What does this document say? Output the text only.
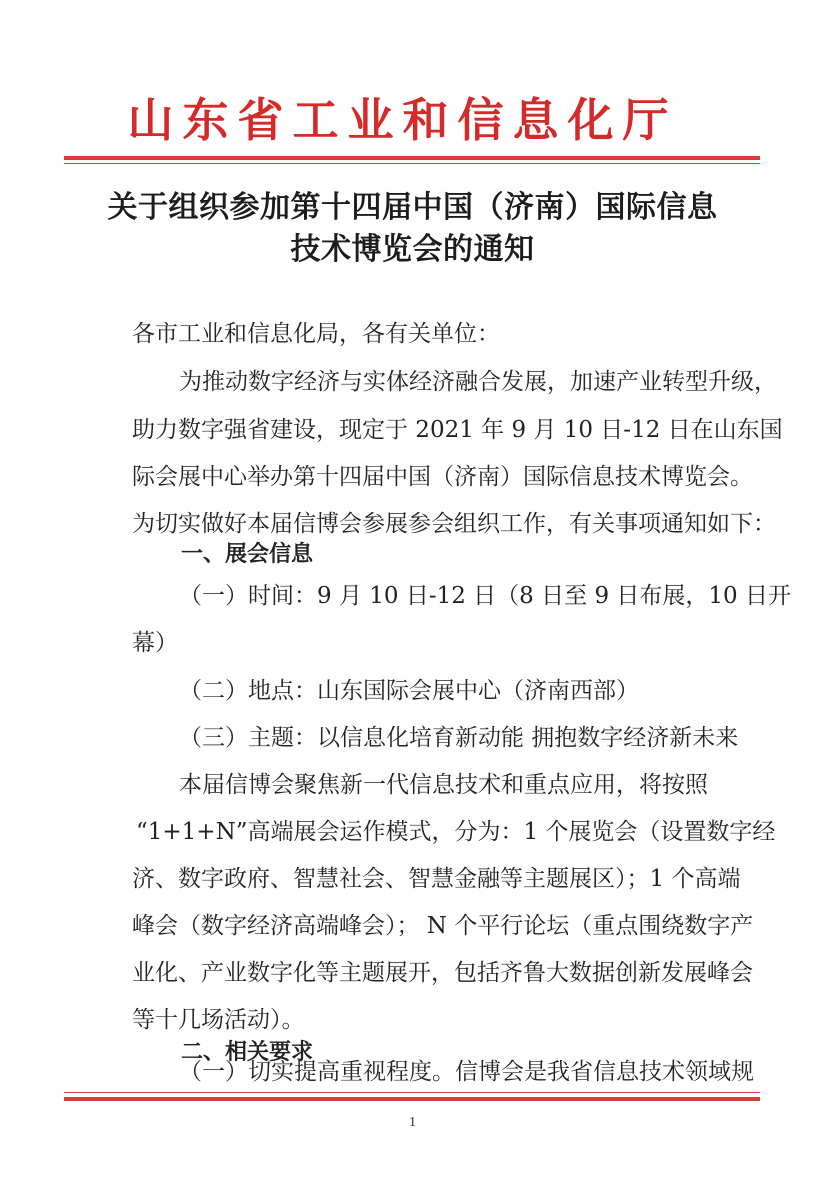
山东省工业和信息化厅
关于组织参加第十四届中国（济南）国际信息
技术博览会的通知
各市工业和信息化局，各有关单位：
为推动数字经济与实体经济融合发展，加速产业转型升级，
助力数字强省建设，现定于 2021 年 9 月 10 日-12 日在山东国
际会展中心举办第十四届中国（济南）国际信息技术博览会。
为切实做好本届信博会参展参会组织工作，有关事项通知如下：
一、展会信息
（一）时间：9 月 10 日-12 日（8 日至 9 日布展，10 日开
幕）
（二）地点：山东国际会展中心（济南西部）
（三）主题：以信息化培育新动能 拥抱数字经济新未来
本届信博会聚焦新一代信息技术和重点应用，将按照
“1+1+N”高端展会运作模式，分为：1 个展览会（设置数字经
济、数字政府、智慧社会、智慧金融等主题展区）；1 个高端
峰会（数字经济高端峰会）； N 个平行论坛（重点围绕数字产
业化、产业数字化等主题展开，包括齐鲁大数据创新发展峰会
等十几场活动）。
二、相关要求
（一）切实提高重视程度。信博会是我省信息技术领域规
1
